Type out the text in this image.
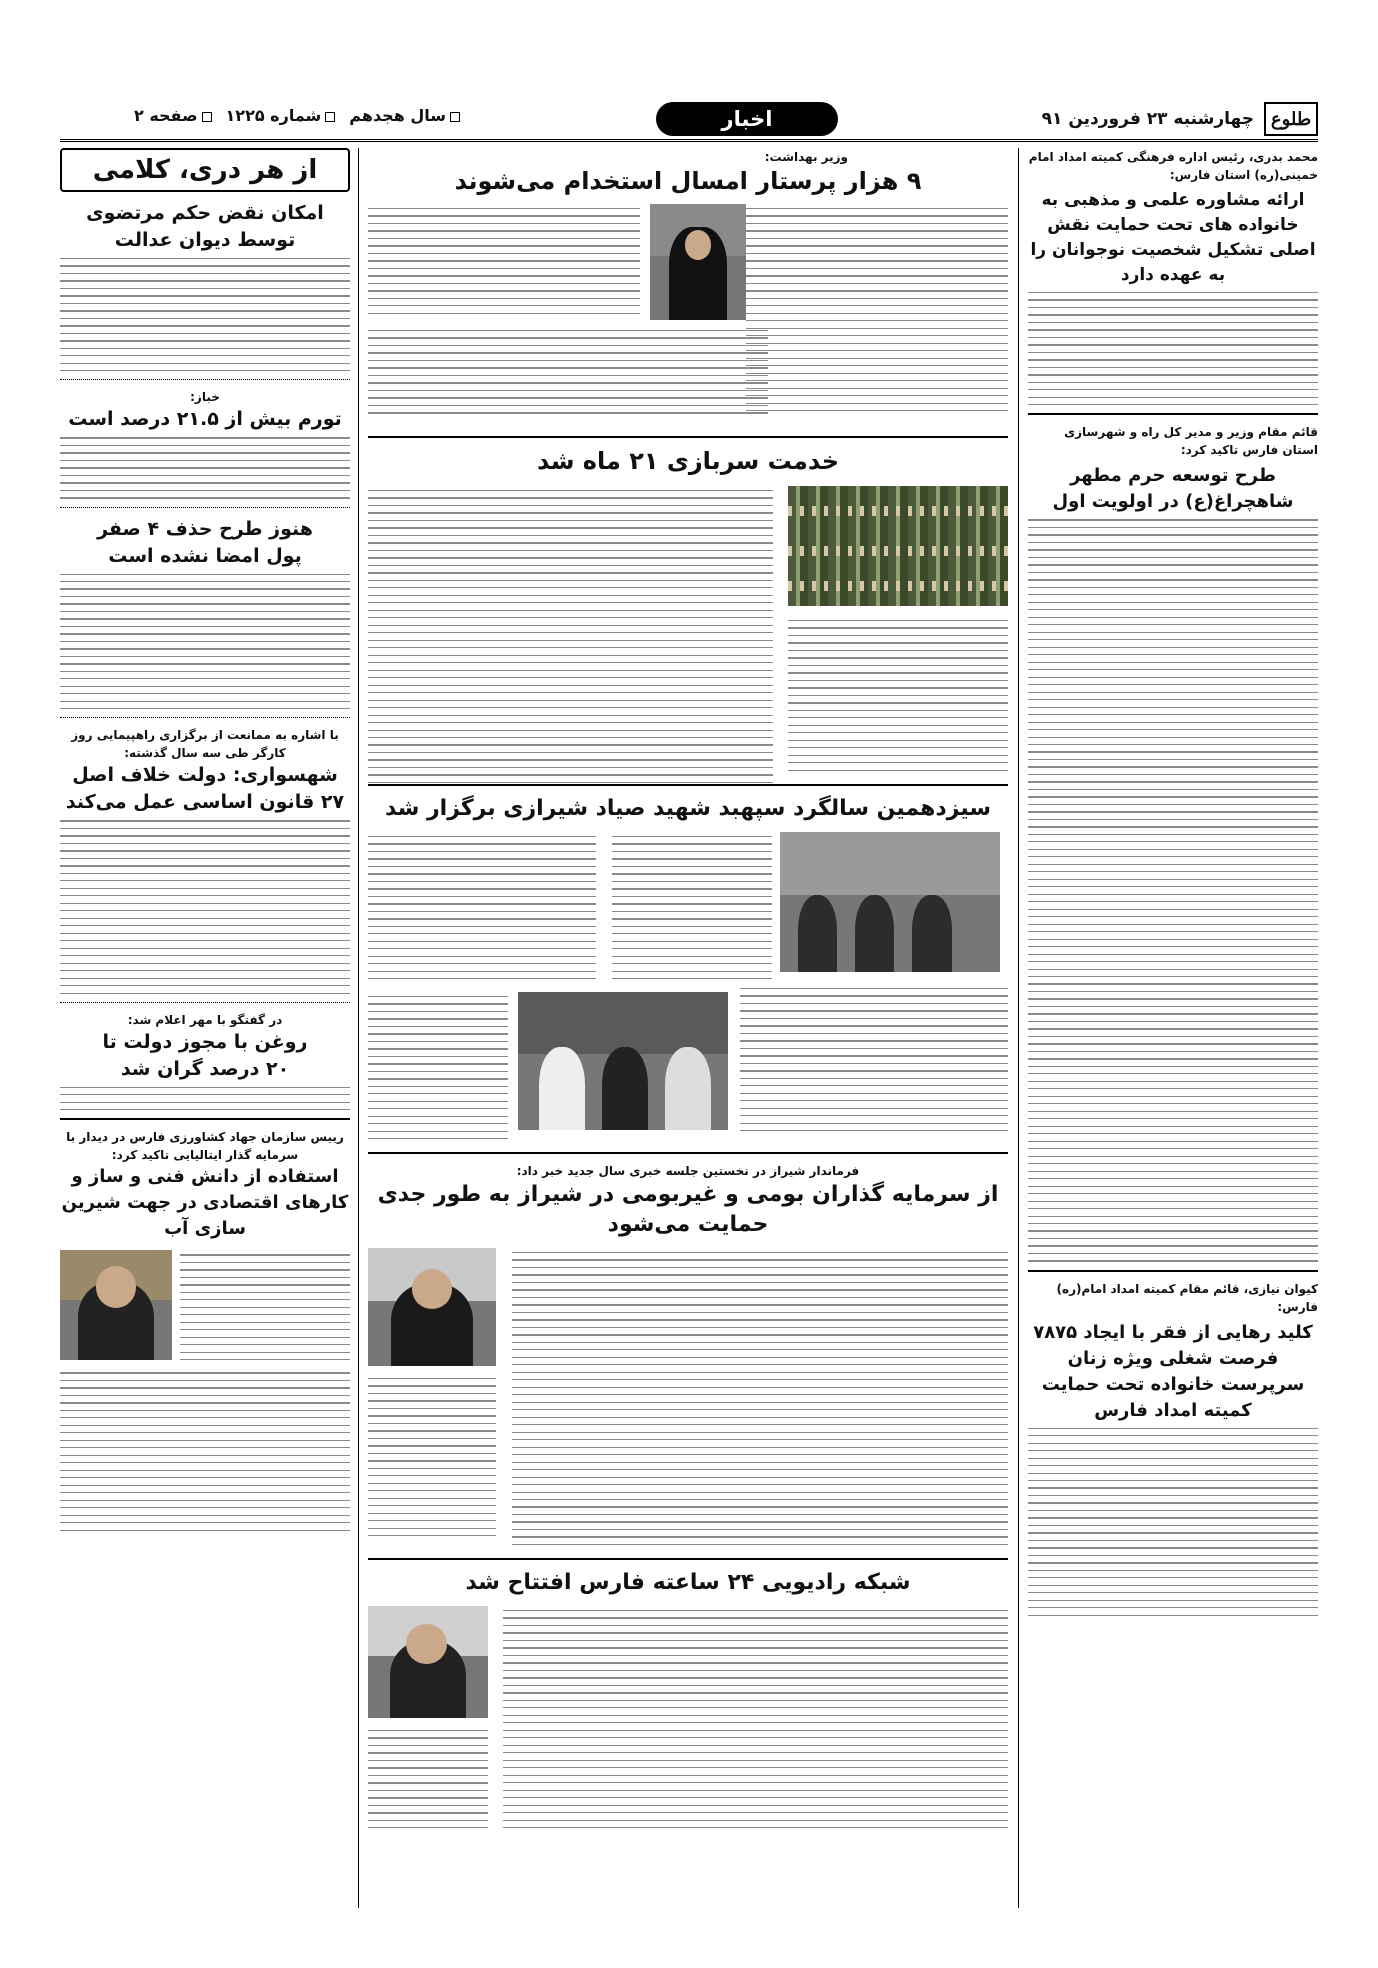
طلوع
چهارشنبه ۲۳ فروردین ۹۱
اخبار
سال هجدهم
شماره ۱۲۲۵
صفحه ۲
محمد بدری، رئیس اداره فرهنگی کمیته امداد امام خمینی(ره) استان فارس:
ارائه مشاوره علمی و مذهبی به خانواده های تحت حمایت نقش اصلی تشکیل شخصیت نوجوانان را به عهده دارد
قائم مقام وزیر و مدیر کل راه و شهرسازی استان فارس تاکید کرد:
طرح توسعه حرم مطهر شاهچراغ(ع) در اولویت اول
کیوان نیازی، قائم مقام کمیته امداد امام(ره) فارس:
کلید رهایی از فقر با ایجاد ۷۸۷۵ فرصت شغلی ویژه زنان سرپرست خانواده تحت حمایت کمیته امداد فارس
وزیر بهداشت:
۹ هزار پرستار امسال استخدام می‌شوند
خدمت سربازی ۲۱ ماه شد
سیزدهمین سالگرد سپهبد شهید صیاد شیرازی برگزار شد
فرماندار شیراز در نخستین جلسه خبری سال جدید خبر داد:
از سرمایه گذاران بومی و غیربومی در شیراز به طور جدی حمایت می‌شود
شبکه رادیویی ۲۴ ساعته فارس افتتاح شد
از هر دری، کلامی
امکان نقض حکم مرتضوی توسط دیوان عدالت
خباز:
تورم بیش از ۲۱.۵ درصد است
هنوز طرح حذف ۴ صفر پول امضا نشده است
با اشاره به ممانعت از برگزاری راهپیمایی روز کارگر طی سه سال گذشته:
شهسواری: دولت خلاف اصل ۲۷ قانون اساسی عمل می‌کند
در گفتگو با مهر اعلام شد:
روغن با مجوز دولت تا ۲۰ درصد گران شد
رییس سازمان جهاد کشاورزی فارس در دیدار با سرمایه گذار ایتالیایی تاکید کرد:
استفاده از دانش فنی و ساز و کارهای اقتصادی در جهت شیرین سازی آب
